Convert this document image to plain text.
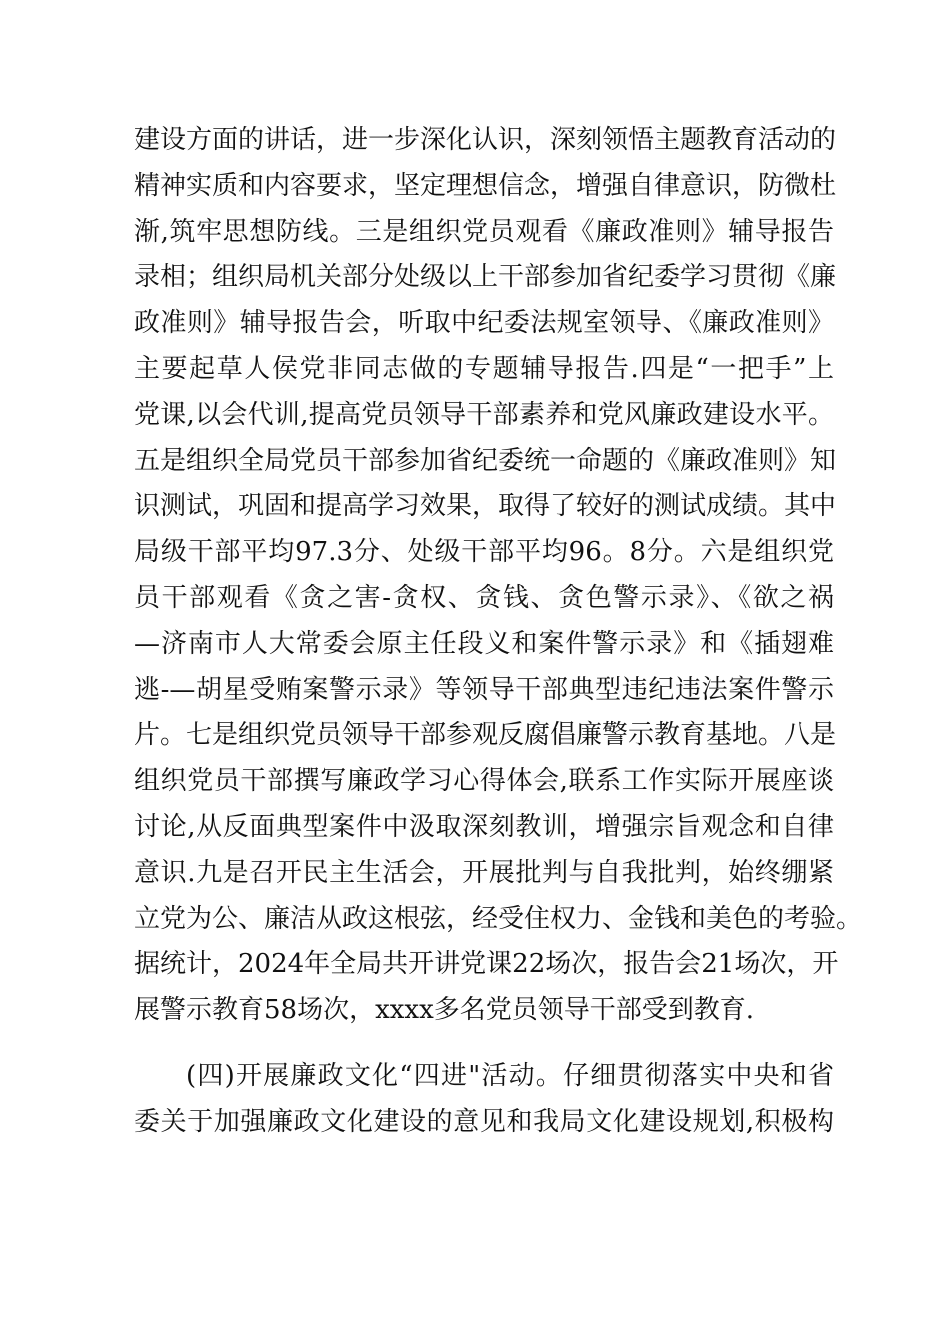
建设方面的讲话，进一步深化认识，深刻领悟主题教育活动的
精神实质和内容要求，坚定理想信念，增强自律意识，防微杜
渐,筑牢思想防线。三是组织党员观看《廉政准则》辅导报告
录相；组织局机关部分处级以上干部参加省纪委学习贯彻《廉
政准则》辅导报告会，听取中纪委法规室领导、《廉政准则》
主要起草人侯党非同志做的专题辅导报告.四是“一把手”上
党课,以会代训,提高党员领导干部素养和党风廉政建设水平。
五是组织全局党员干部参加省纪委统一命题的《廉政准则》知
识测试，巩固和提高学习效果，取得了较好的测试成绩。其中
局级干部平均97.3分、处级干部平均96。8分。六是组织党
员干部观看《贪之害-贪权、贪钱、贪色警示录》、《欲之祸
—济南市人大常委会原主任段义和案件警示录》和《插翅难
逃-—胡星受贿案警示录》等领导干部典型违纪违法案件警示
片。七是组织党员领导干部参观反腐倡廉警示教育基地。八是
组织党员干部撰写廉政学习心得体会,联系工作实际开展座谈
讨论,从反面典型案件中汲取深刻教训，增强宗旨观念和自律
意识.九是召开民主生活会，开展批判与自我批判，始终绷紧
立党为公、廉洁从政这根弦，经受住权力、金钱和美色的考验。
据统计，2024年全局共开讲党课22场次，报告会21场次，开
展警示教育58场次，xxxx多名党员领导干部受到教育.
(四)开展廉政文化“四进"活动。仔细贯彻落实中央和省
委关于加强廉政文化建设的意见和我局文化建设规划,积极构
